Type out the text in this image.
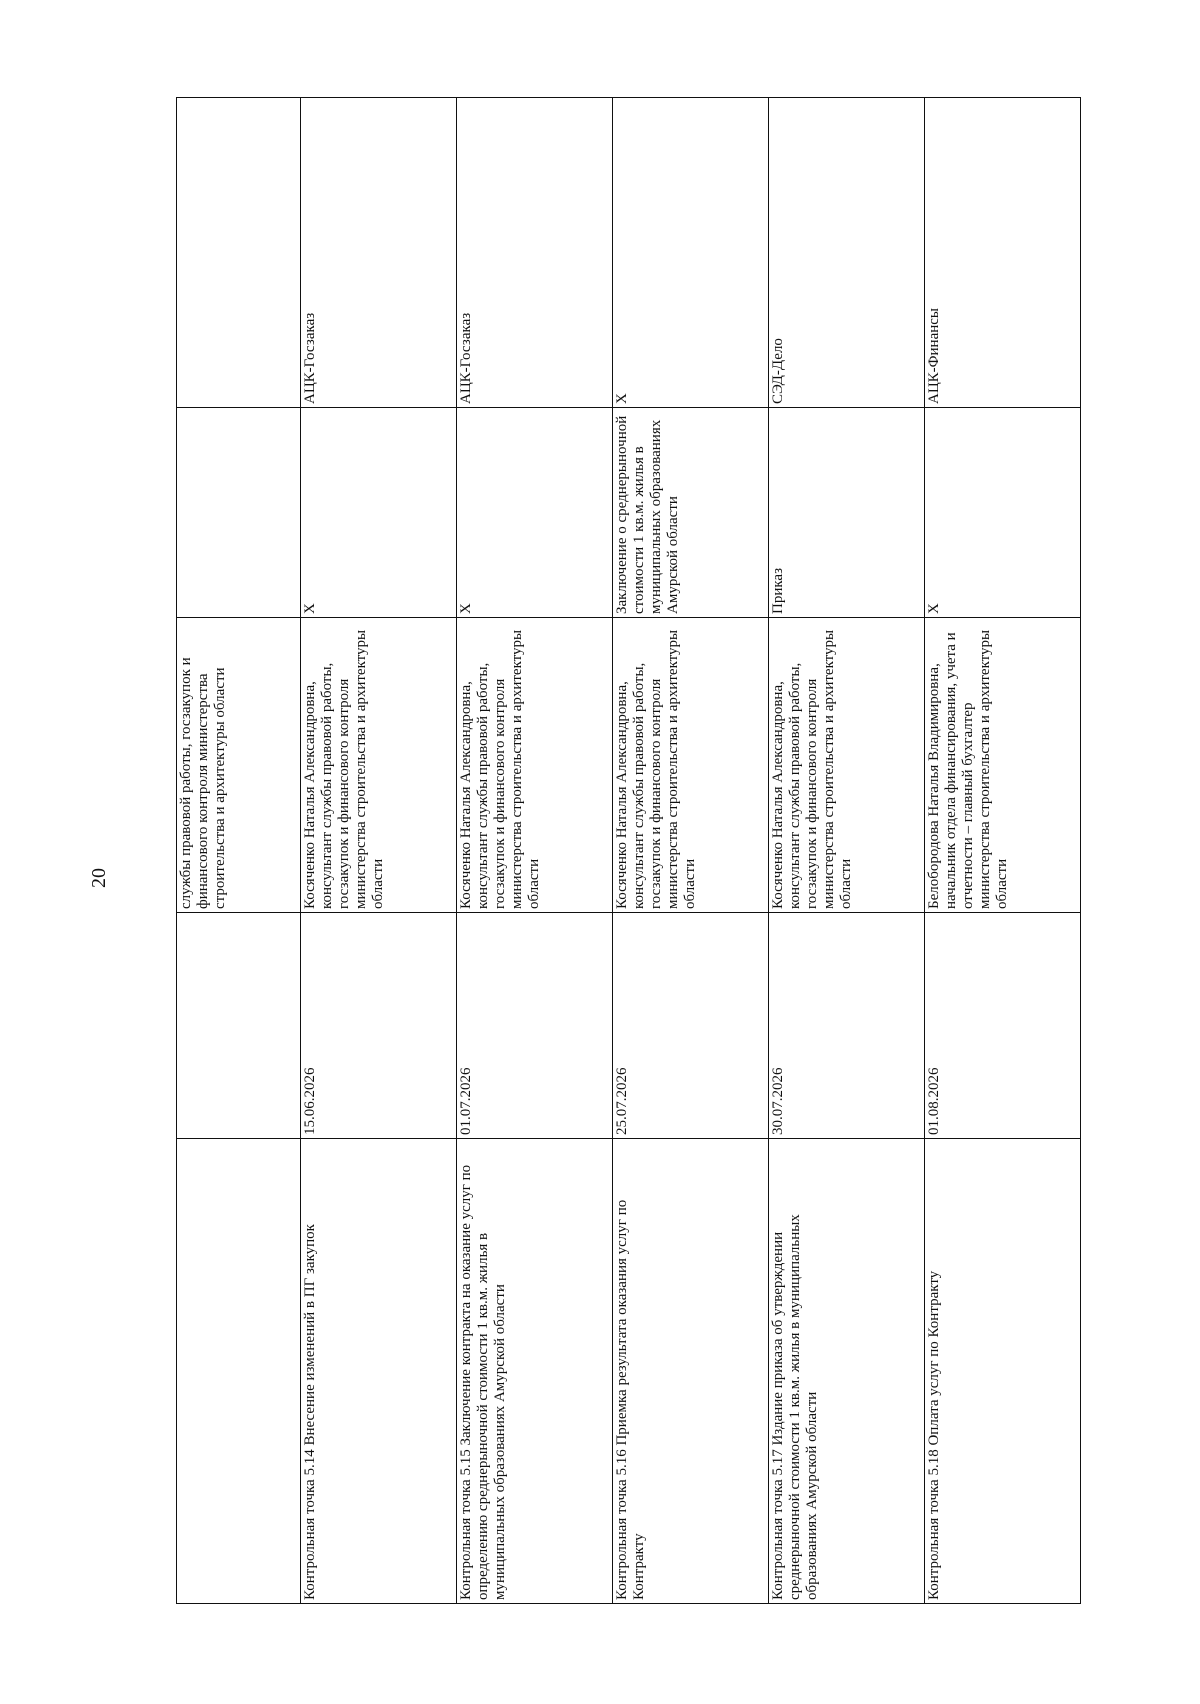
20
			службы правовой работы, госзакупок и финансового контроля министерства строительства и архитектуры области		
Контрольная точка 5.14 Внесение изменений в ПГ закупок	15.06.2026	Косяченко Наталья Александровна, консультант службы правовой работы, госзакупок и финансового контроля министерства строительства и архитектуры области	X	АЦК-Госзаказ
Контрольная точка 5.15 Заключение контракта на оказание услуг по определению среднерыночной стоимости 1 кв.м. жилья в муниципальных образованиях Амурской области	01.07.2026	Косяченко Наталья Александровна, консультант службы правовой работы, госзакупок и финансового контроля министерства строительства и архитектуры области	X	АЦК-Госзаказ
Контрольная точка 5.16 Приемка результата оказания услуг по Контракту	25.07.2026	Косяченко Наталья Александровна, консультант службы правовой работы, госзакупок и финансового контроля министерства строительства и архитектуры области	Заключение о среднерыночной стоимости 1 кв.м. жилья в муниципальных образованиях Амурской области	X
Контрольная точка 5.17 Издание приказа об утверждении среднерыночной стоимости 1 кв.м. жилья в муниципальных образованиях Амурской области	30.07.2026	Косяченко Наталья Александровна, консультант службы правовой работы, госзакупок и финансового контроля министерства строительства и архитектуры области	Приказ	СЭД-Дело
Контрольная точка 5.18 Оплата услуг по Контракту	01.08.2026	Белобородова Наталья Владимировна, начальник отдела финансирования, учета и отчетности – главный бухгалтер министерства строительства и архитектуры области	X	АЦК-Финансы
